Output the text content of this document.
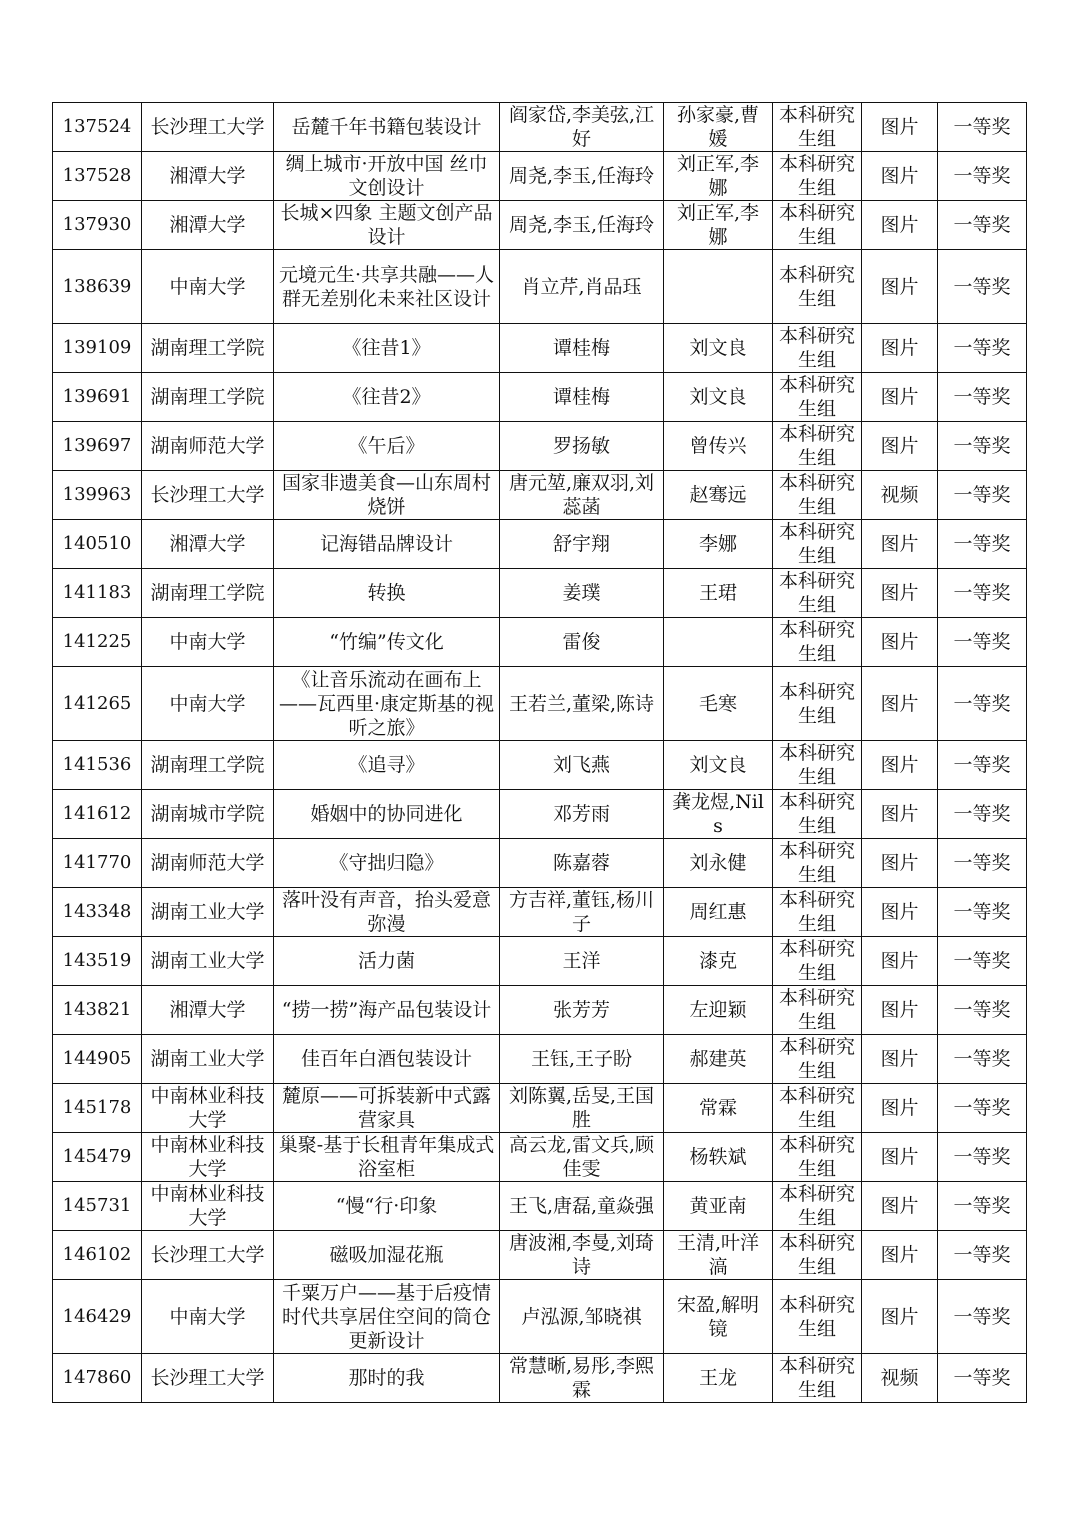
137524	长沙理工大学	岳麓千年书籍包装设计	阎家岱,李美弦,江好	孙家豪,曹媛	本科研究生组	图片	一等奖
137528	湘潭大学	绸上城市·开放中国 丝巾文创设计	周尧,李玉,任海玲	刘正军,李娜	本科研究生组	图片	一等奖
137930	湘潭大学	长城×四象 主题文创产品设计	周尧,李玉,任海玲	刘正军,李娜	本科研究生组	图片	一等奖
138639	中南大学	元境元生·共享共融——人群无差别化未来社区设计	肖立芹,肖品珏		本科研究生组	图片	一等奖
139109	湖南理工学院	《往昔1》	谭桂梅	刘文良	本科研究生组	图片	一等奖
139691	湖南理工学院	《往昔2》	谭桂梅	刘文良	本科研究生组	图片	一等奖
139697	湖南师范大学	《午后》	罗扬敏	曾传兴	本科研究生组	图片	一等奖
139963	长沙理工大学	国家非遗美食—山东周村烧饼	唐元堃,廉双羽,刘蕊菡	赵骞远	本科研究生组	视频	一等奖
140510	湘潭大学	记海错品牌设计	舒宇翔	李娜	本科研究生组	图片	一等奖
141183	湖南理工学院	转换	姜璞	王珺	本科研究生组	图片	一等奖
141225	中南大学	“竹编”传文化	雷俊		本科研究生组	图片	一等奖
141265	中南大学	《让音乐流动在画布上——瓦西里·康定斯基的视听之旅》	王若兰,董梁,陈诗	毛寒	本科研究生组	图片	一等奖
141536	湖南理工学院	《追寻》	刘飞燕	刘文良	本科研究生组	图片	一等奖
141612	湖南城市学院	婚姻中的协同进化	邓芳雨	龚龙煜,Nils	本科研究生组	图片	一等奖
141770	湖南师范大学	《守拙归隐》	陈嘉蓉	刘永健	本科研究生组	图片	一等奖
143348	湖南工业大学	落叶没有声音，抬头爱意弥漫	方吉祥,董钰,杨川子	周红惠	本科研究生组	图片	一等奖
143519	湖南工业大学	活力菌	王洋	漆克	本科研究生组	图片	一等奖
143821	湘潭大学	“捞一捞”海产品包装设计	张芳芳	左迎颖	本科研究生组	图片	一等奖
144905	湖南工业大学	佳百年白酒包装设计	王钰,王子盼	郝建英	本科研究生组	图片	一等奖
145178	中南林业科技大学	麓原——可拆装新中式露营家具	刘陈翼,岳旻,王国胜	常霖	本科研究生组	图片	一等奖
145479	中南林业科技大学	巢聚-基于长租青年集成式浴室柜	高云龙,雷文兵,顾佳雯	杨轶斌	本科研究生组	图片	一等奖
145731	中南林业科技大学	“慢“行·印象	王飞,唐磊,童焱强	黄亚南	本科研究生组	图片	一等奖
146102	长沙理工大学	磁吸加湿花瓶	唐波湘,李曼,刘琦诗	王清,叶洋滈	本科研究生组	图片	一等奖
146429	中南大学	千粟万户——基于后疫情时代共享居住空间的筒仓更新设计	卢泓源,邹晓祺	宋盈,解明镜	本科研究生组	图片	一等奖
147860	长沙理工大学	那时的我	常慧晰,易彤,李熙霖	王龙	本科研究生组	视频	一等奖
